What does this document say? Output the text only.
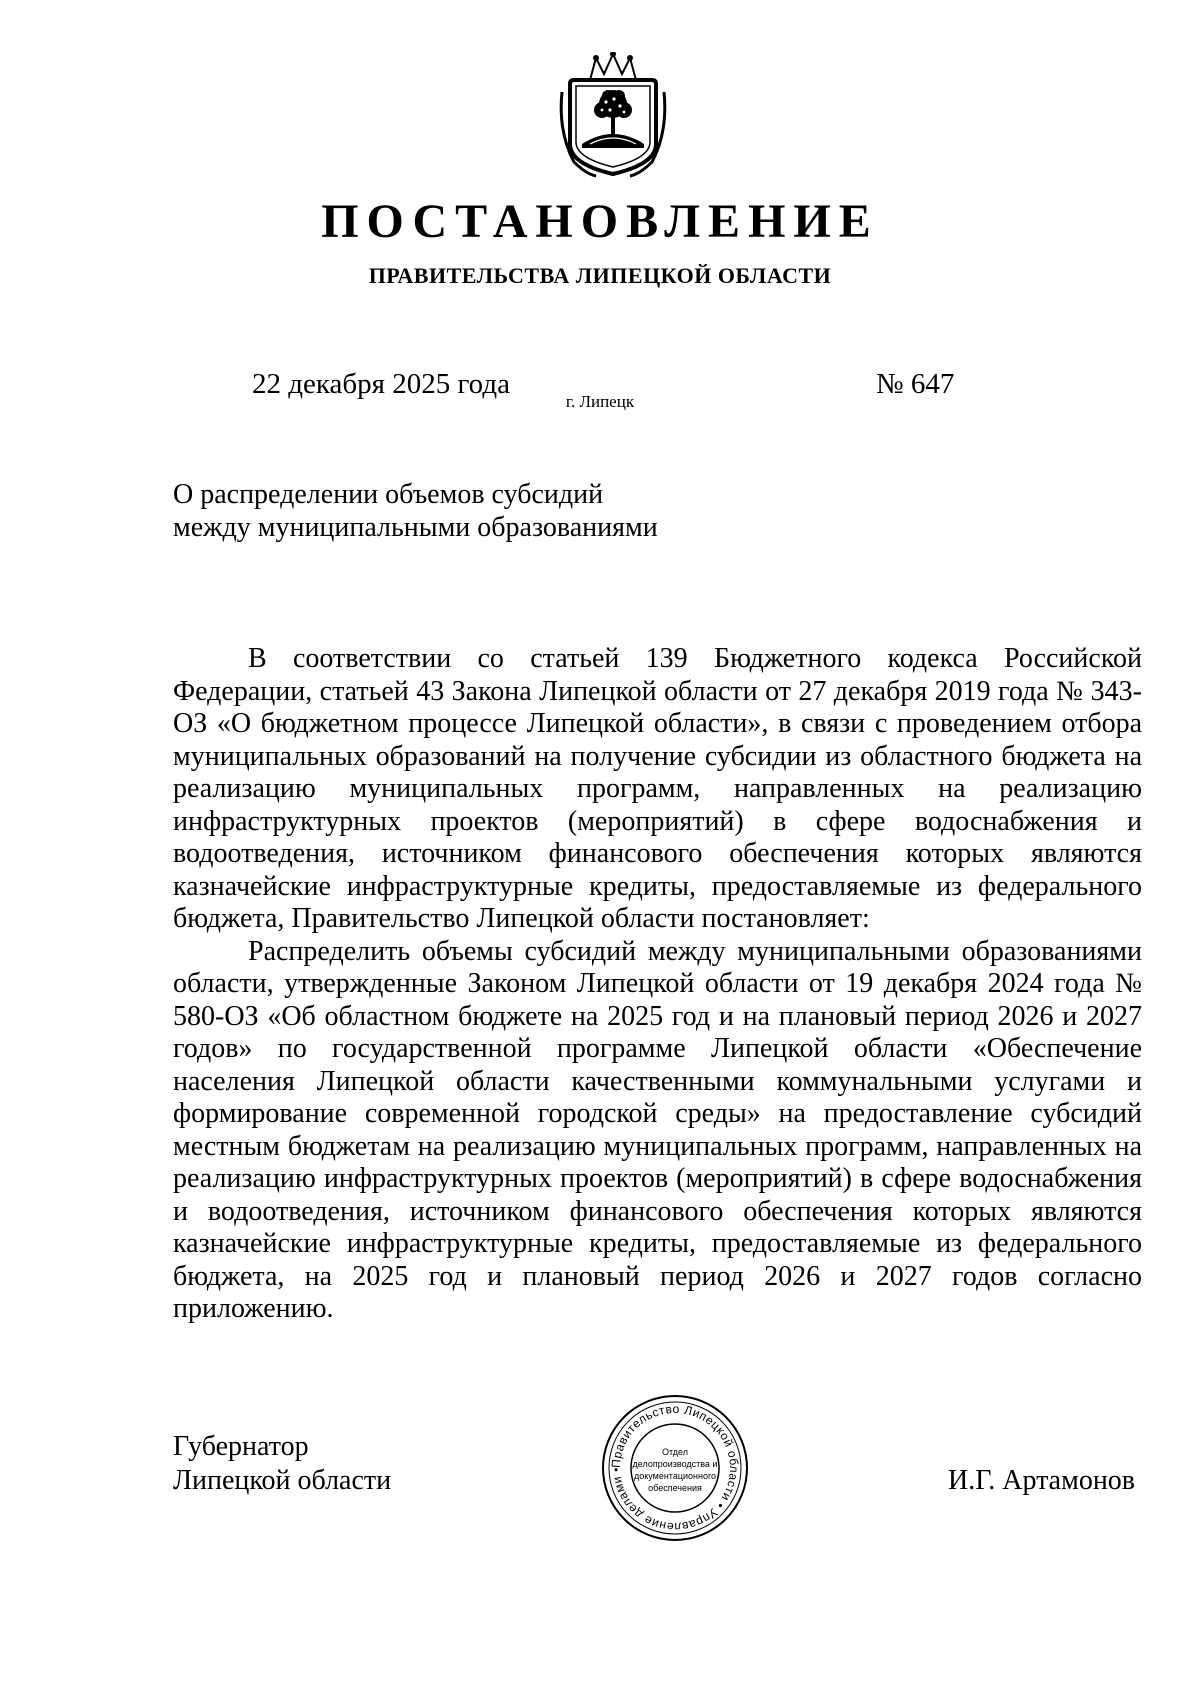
ПОСТАНОВЛЕНИЕ
ПРАВИТЕЛЬСТВА ЛИПЕЦКОЙ ОБЛАСТИ
22 декабря 2025 года
г. Липецк
№ 647
О распределении объемов субсидий
между муниципальными образованиями

В соответствии со статьей 139 Бюджетного кодекса Российской Федерации, статьей 43 Закона Липецкой области от 27 декабря 2019 года № 343-ОЗ «О бюджетном процессе Липецкой области», в связи с проведением отбора муниципальных образований на получение субсидии из областного бюджета на реализацию муниципальных программ, направленных на реализацию инфраструктурных проектов (мероприятий) в сфере водоснабжения и водоотведения, источником финансового обеспечения которых являются казначейские инфраструктурные кредиты, предоставляемые из федерального бюджета, Правительство Липецкой области постановляет:

Распределить объемы субсидий между муниципальными образованиями области, утвержденные Законом Липецкой области от 19 декабря 2024 года № 580-ОЗ «Об областном бюджете на 2025 год и на плановый период 2026 и 2027 годов» по государственной программе Липецкой области «Обеспечение населения Липецкой области качественными коммунальными услугами и формирование современной городской среды» на предоставление субсидий местным бюджетам на реализацию муниципальных программ, направленных на реализацию инфраструктурных проектов (мероприятий) в сфере водоснабжения и водоотведения, источником финансового обеспечения которых являются казначейские инфраструктурные кредиты, предоставляемые из федерального бюджета, на 2025 год и плановый период 2026 и 2027 годов согласно приложению.

Губернатор
Липецкой области
Правительство Липецкой области • Управление делами •
Отдел
делопроизводства и
документационного
обеспечения	И.Г. Артамонов
